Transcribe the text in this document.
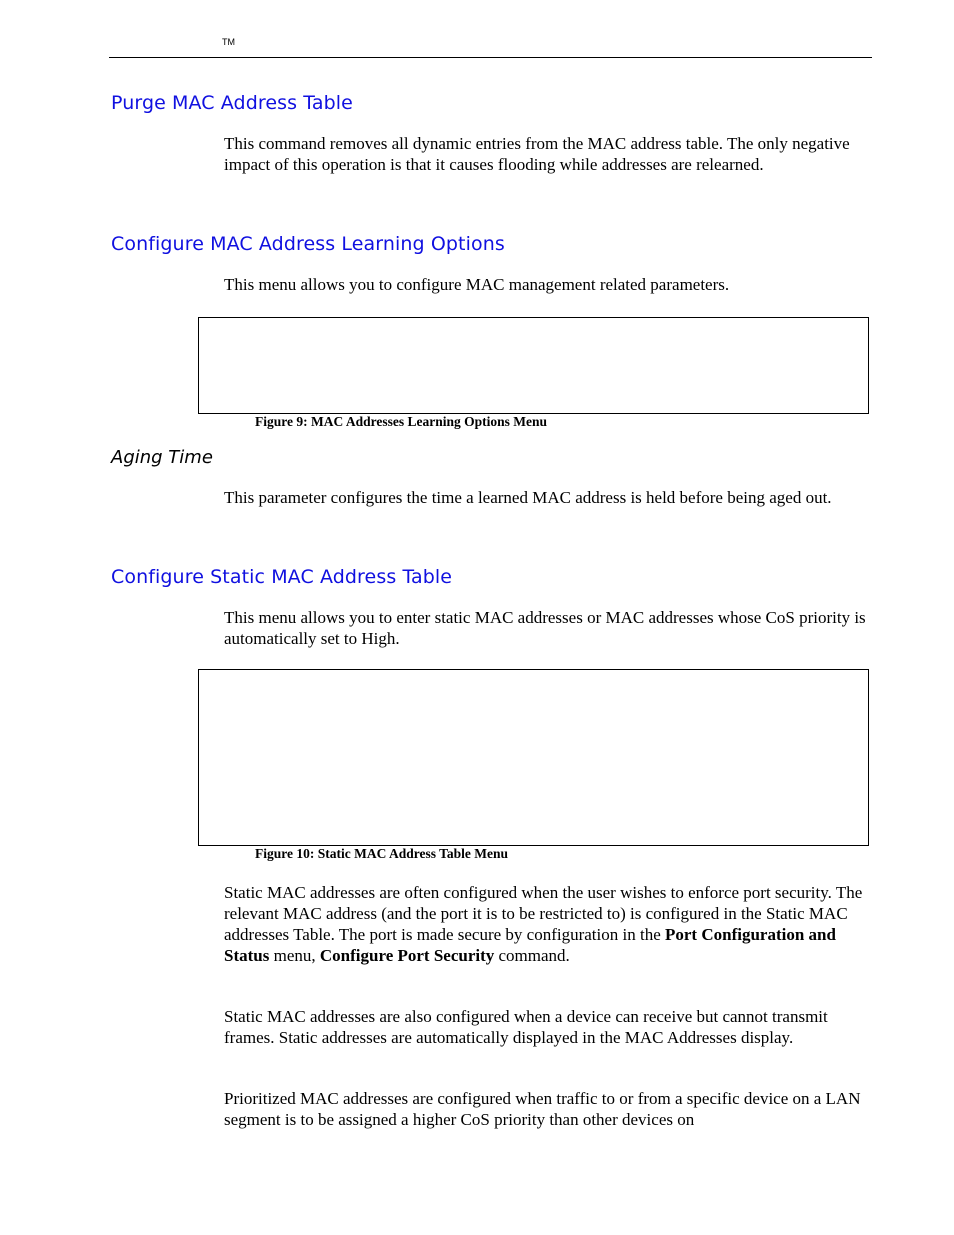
TM
Purge MAC Address Table

This command removes all dynamic entries from the MAC address table. The only negative impact of this operation is that it causes flooding while addresses are relearned.

Configure MAC Address Learning Options

This menu allows you to configure MAC management related parameters.

Figure 9: MAC Addresses Learning Options Menu

Aging Time

This parameter configures the time a learned MAC address is held before being aged out.

Configure Static MAC Address Table

This menu allows you to enter static MAC addresses or MAC addresses whose CoS priority is automatically set to High.

Figure 10: Static MAC Address Table Menu

Static MAC addresses are often configured when the user wishes to enforce port security. The relevant MAC address (and the port it is to be restricted to) is configured in the Static MAC addresses Table. The port is made secure by configuration in the Port Configuration and Status menu, Configure Port Security command.

Static MAC addresses are also configured when a device can receive but cannot transmit frames. Static addresses are automatically displayed in the MAC Addresses display.

Prioritized MAC addresses are configured when traffic to or from a specific device on a LAN segment is to be assigned a higher CoS priority than other devices on
